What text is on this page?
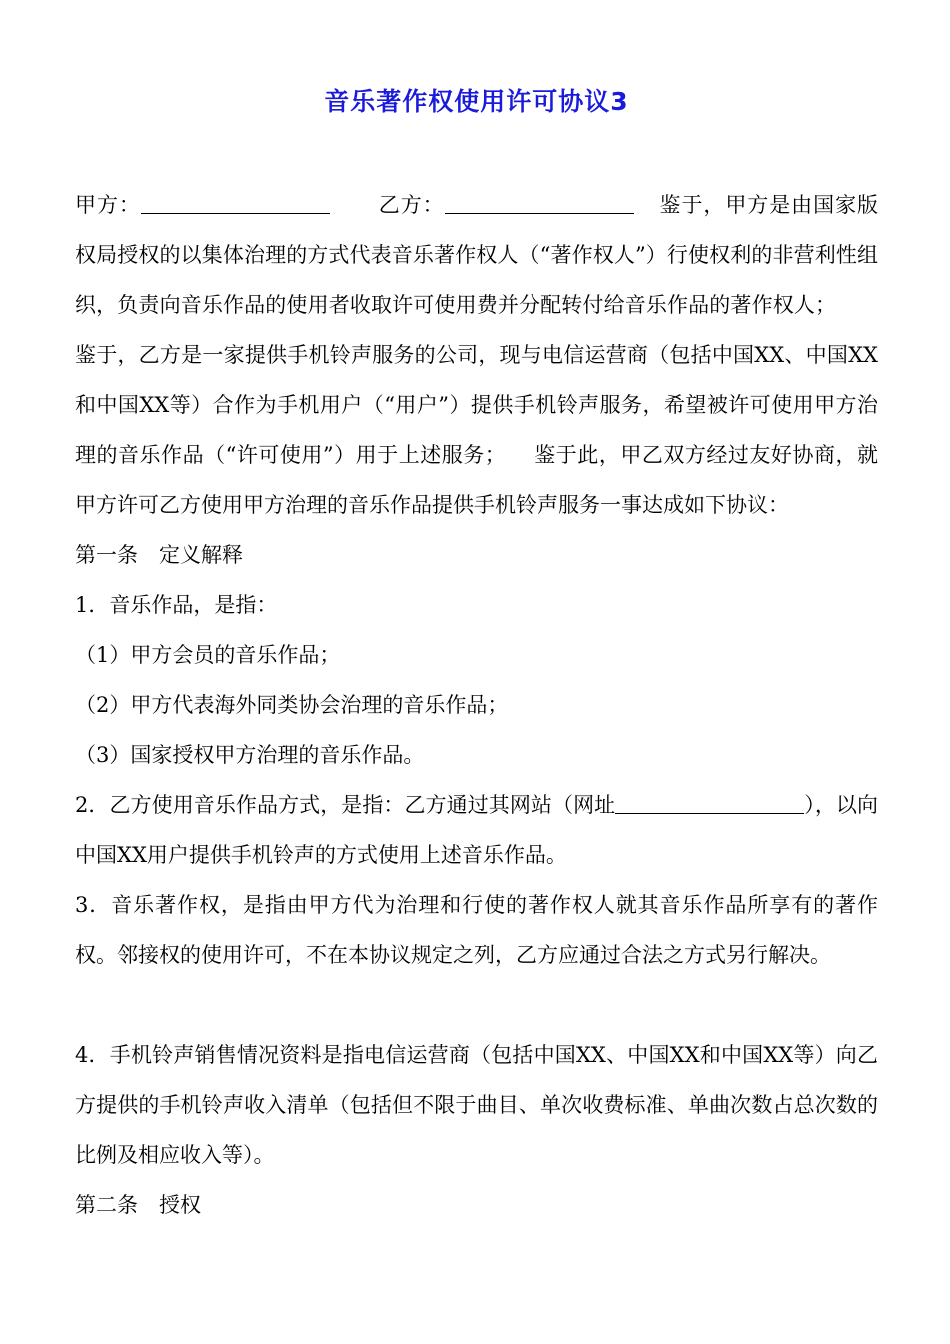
音乐著作权使用许可协议3

甲方：	乙方：	鉴于，甲方是由国家版权局授权的以集体治理的方式代表音乐著作权人（“著作权人”）行使权利的非营利性组织，负责向音乐作品的使用者收取许可使用费并分配转付给音乐作品的著作权人；鉴于，乙方是一家提供手机铃声服务的公司，现与电信运营商（包括中国XX、中国XX和中国XX等）合作为手机用户（“用户”）提供手机铃声服务，希望被许可使用甲方治理的音乐作品（“许可使用”）用于上述服务； 鉴于此，甲乙双方经过友好协商，就甲方许可乙方使用甲方治理的音乐作品提供手机铃声服务一事达成如下协议：

第一条　定义解释

1．音乐作品，是指：

（1）甲方会员的音乐作品；

（2）甲方代表海外同类协会治理的音乐作品；

（3）国家授权甲方治理的音乐作品。

2．乙方使用音乐作品方式，是指：乙方通过其网站（网址	），以向中国XX用户提供手机铃声的方式使用上述音乐作品。

3．音乐著作权，是指由甲方代为治理和行使的著作权人就其音乐作品所享有的著作权。邻接权的使用许可，不在本协议规定之列，乙方应通过合法之方式另行解决。

4．手机铃声销售情况资料是指电信运营商（包括中国XX、中国XX和中国XX等）向乙方提供的手机铃声收入清单（包括但不限于曲目、单次收费标准、单曲次数占总次数的比例及相应收入等）。

第二条　授权
